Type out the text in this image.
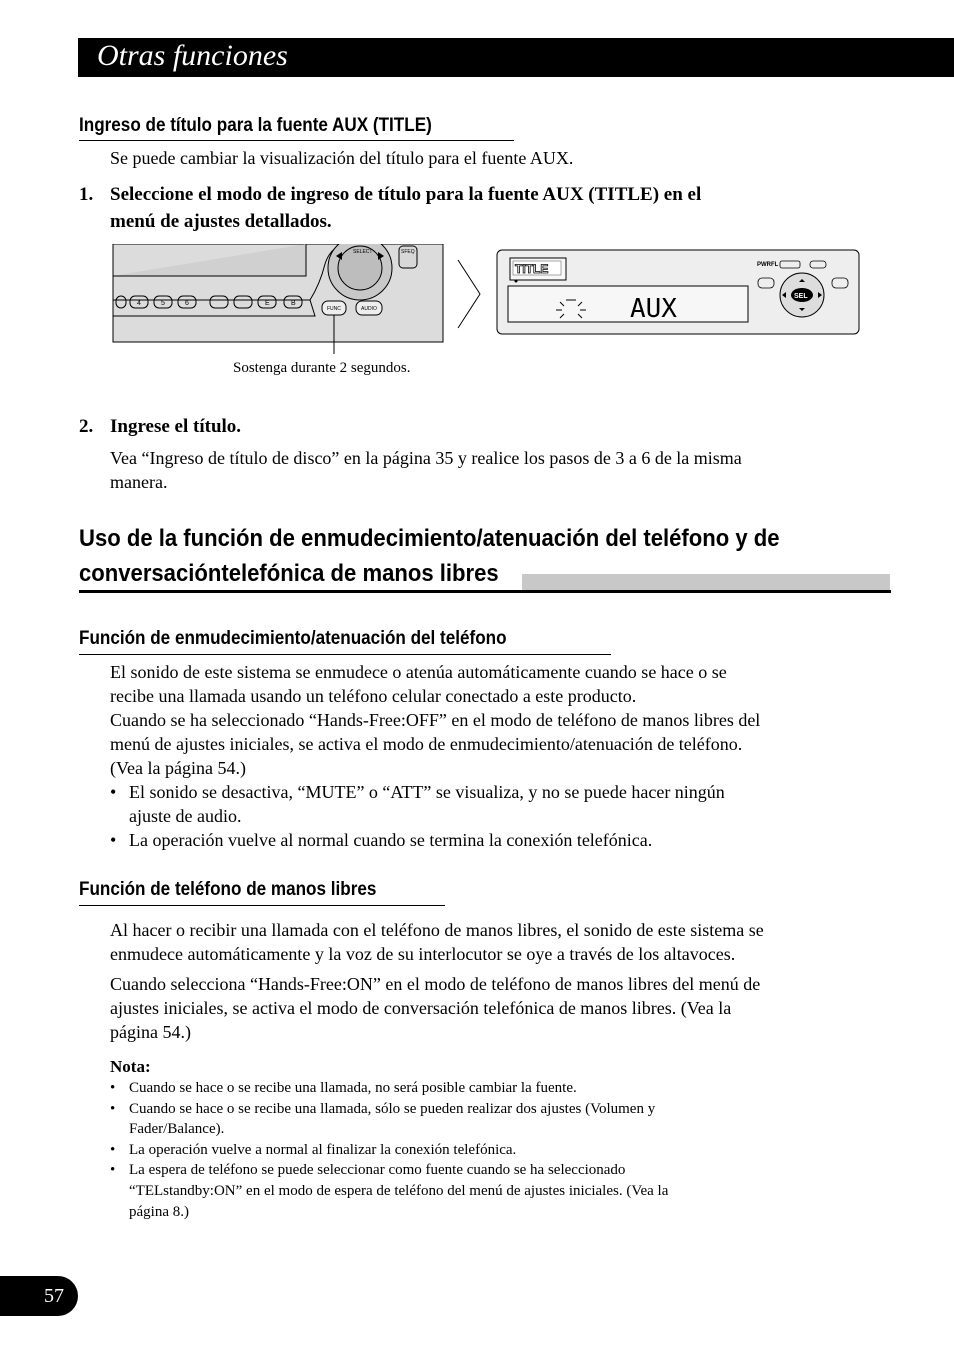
Otras funciones
Ingreso de título para la fuente AUX (TITLE)
Se puede cambiar la visualización del título para el fuente AUX.
1. Seleccione el modo de ingreso de título para la fuente AUX (TITLE) en el
menú de ajustes detallados.
SELECT	SFEQ
4	5	6	E	B
FUNC	AUDIO
TITLE
AUX
PWRFL
SEL
Sostenga durante 2 segundos.
2. Ingrese el título.
Vea “Ingreso de título de disco” en la página 35 y realice los pasos de 3 a 6 de la misma
manera.
Uso de la función de enmudecimiento/atenuación del teléfono y de
conversacióntelefónica de manos libres
Función de enmudecimiento/atenuación del teléfono
El sonido de este sistema se enmudece o atenúa automáticamente cuando se hace o se
recibe una llamada usando un teléfono celular conectado a este producto.
Cuando se ha seleccionado “Hands-Free:OFF” en el modo de teléfono de manos libres del
menú de ajustes iniciales, se activa el modo de enmudecimiento/atenuación de teléfono.
(Vea la página 54.)
• El sonido se desactiva, “MUTE” o “ATT” se visualiza, y no se puede hacer ningún
ajuste de audio.
• La operación vuelve al normal cuando se termina la conexión telefónica.
Función de teléfono de manos libres
Al hacer o recibir una llamada con el teléfono de manos libres, el sonido de este sistema se
enmudece automáticamente y la voz de su interlocutor se oye a través de los altavoces.
Cuando selecciona “Hands-Free:ON” en el modo de teléfono de manos libres del menú de
ajustes iniciales, se activa el modo de conversación telefónica de manos libres. (Vea la
página 54.)
Nota:
• Cuando se hace o se recibe una llamada, no será posible cambiar la fuente.
• Cuando se hace o se recibe una llamada, sólo se pueden realizar dos ajustes (Volumen y
Fader/Balance).
• La operación vuelve a normal al finalizar la conexión telefónica.
• La espera de teléfono se puede seleccionar como fuente cuando se ha seleccionado
“TELstandby:ON” en el modo de espera de teléfono del menú de ajustes iniciales. (Vea la
página 8.)
57
